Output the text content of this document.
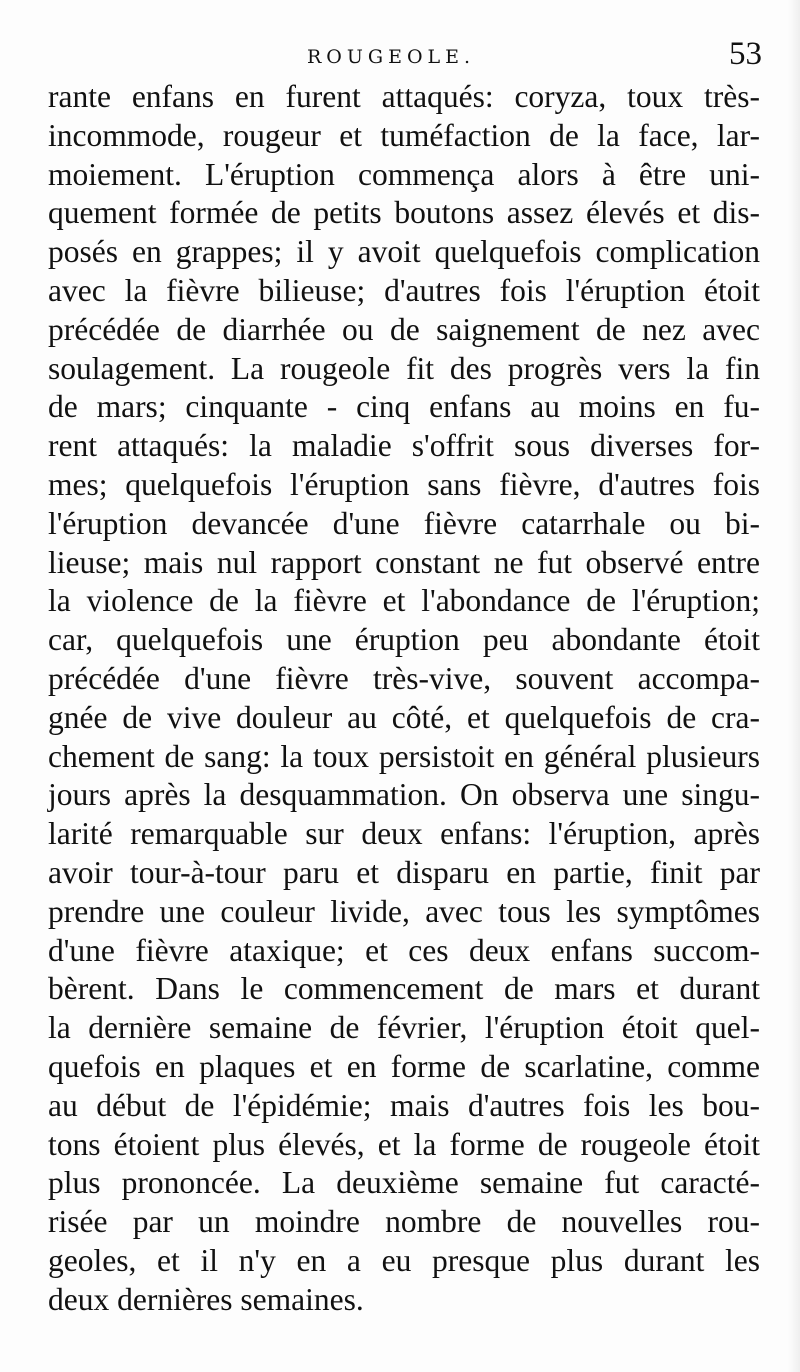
ROUGEOLE.	53
rante enfans en furent attaqués: coryza, toux très-
incommode, rougeur et tuméfaction de la face, lar-
moiement. L'éruption commença alors à être uni-
quement formée de petits boutons assez élevés et dis-
posés en grappes; il y avoit quelquefois complication
avec la fièvre bilieuse; d'autres fois l'éruption étoit
précédée de diarrhée ou de saignement de nez avec
soulagement. La rougeole fit des progrès vers la fin
de mars; cinquante - cinq enfans au moins en fu-
rent attaqués: la maladie s'offrit sous diverses for-
mes; quelquefois l'éruption sans fièvre, d'autres fois
l'éruption devancée d'une fièvre catarrhale ou bi-
lieuse; mais nul rapport constant ne fut observé entre
la violence de la fièvre et l'abondance de l'éruption;
car, quelquefois une éruption peu abondante étoit
précédée d'une fièvre très-vive, souvent accompa-
gnée de vive douleur au côté, et quelquefois de cra-
chement de sang: la toux persistoit en général plusieurs
jours après la desquammation. On observa une singu-
larité remarquable sur deux enfans: l'éruption, après
avoir tour-à-tour paru et disparu en partie, finit par
prendre une couleur livide, avec tous les symptômes
d'une fièvre ataxique; et ces deux enfans succom-
bèrent. Dans le commencement de mars et durant
la dernière semaine de février, l'éruption étoit quel-
quefois en plaques et en forme de scarlatine, comme
au début de l'épidémie; mais d'autres fois les bou-
tons étoient plus élevés, et la forme de rougeole étoit
plus prononcée. La deuxième semaine fut caracté-
risée par un moindre nombre de nouvelles rou-
geoles, et il n'y en a eu presque plus durant les
deux dernières semaines.
